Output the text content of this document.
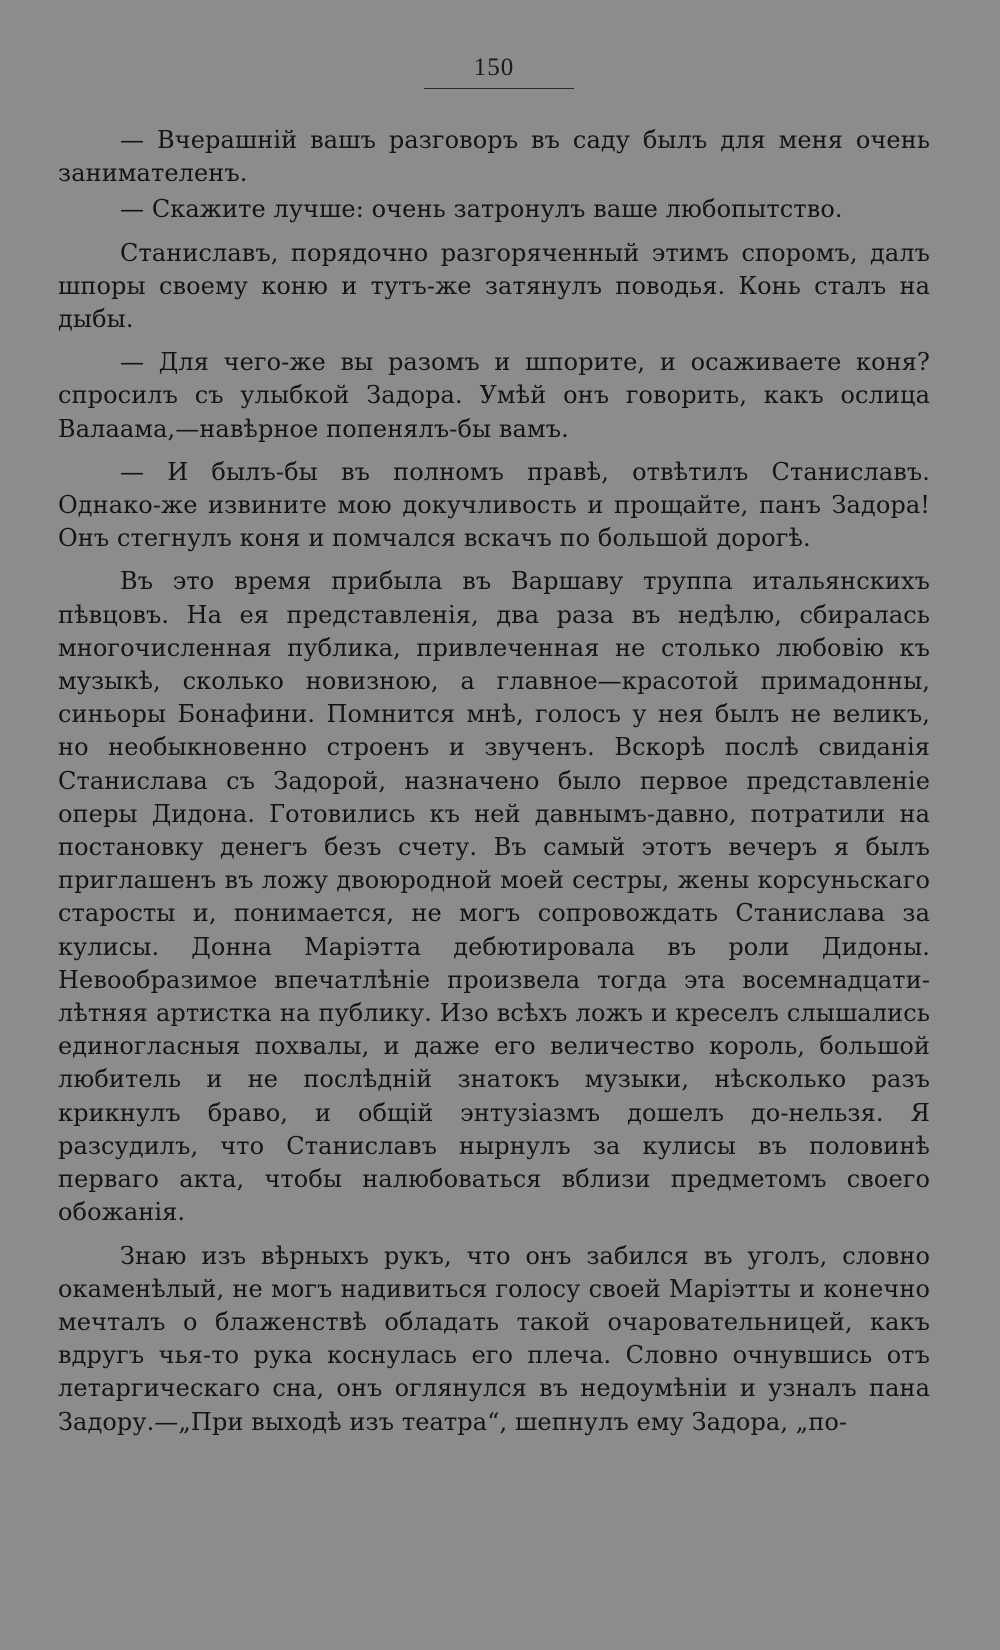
150

— Вчерашній вашъ разговоръ въ саду былъ для меня очень занимателенъ.

— Скажите лучше: очень затронулъ ваше любопытство.

Станиславъ, порядочно разгоряченный этимъ споромъ, далъ шпоры своему коню и тутъ-же затянулъ поводья. Конь сталъ на дыбы.

— Для чего-же вы разомъ и шпорите, и осаживаете коня? спросилъ съ улыбкой Задора. Умѣй онъ говорить, какъ ослица Валаама,—навѣрное попенялъ-бы вамъ.

— И былъ-бы въ полномъ правѣ, отвѣтилъ Станиславъ. Однако-же извините мою докучливость и прощайте, панъ Задора! Онъ стегнулъ коня и помчался вскачъ по большой дорогѣ.

Въ это время прибыла въ Варшаву труппа итальянскихъ пѣвцовъ. На ея представленія, два раза въ недѣлю, сбиралась многочисленная публика, привлеченная не столько любовію къ музыкѣ, сколько новизною, а главное—красотой примадонны, синьоры Бонафини. Помнится мнѣ, голосъ у нея былъ не великъ, но необыкновенно строенъ и звученъ. Вскорѣ послѣ свиданія Станислава съ Задорой, назначено было первое представленіе оперы Дидона. Готовились къ ней давнымъ-давно, потратили на постановку денегъ безъ счету. Въ самый этотъ вечеръ я былъ приглашенъ въ ложу двоюродной моей сестры, жены корсуньскаго старосты и, понимается, не могъ сопровождать Станислава за кулисы. Донна Маріэтта дебютировала въ роли Дидоны. Невообразимое впечатлѣніе произвела тогда эта восемнадцати-лѣтняя артистка на публику. Изо всѣхъ ложъ и креселъ слышались единогласныя похвалы, и даже его величество король, большой любитель и не послѣдній знатокъ музыки, нѣсколько разъ крикнулъ браво, и общій энтузіазмъ дошелъ до-нельзя. Я разсудилъ, что Станиславъ нырнулъ за кулисы въ половинѣ перваго акта, чтобы налюбоваться вблизи предметомъ своего обожанія.

Знаю изъ вѣрныхъ рукъ, что онъ забился въ уголъ, словно окаменѣлый, не могъ надивиться голосу своей Маріэтты и конечно мечталъ о блаженствѣ обладать такой очаровательницей, какъ вдругъ чья-то рука коснулась его плеча. Словно очнувшись отъ летаргическаго сна, онъ оглянулся въ недоумѣніи и узналъ пана Задору.—„При выходѣ изъ театра“, шепнулъ ему Задора, „по-
